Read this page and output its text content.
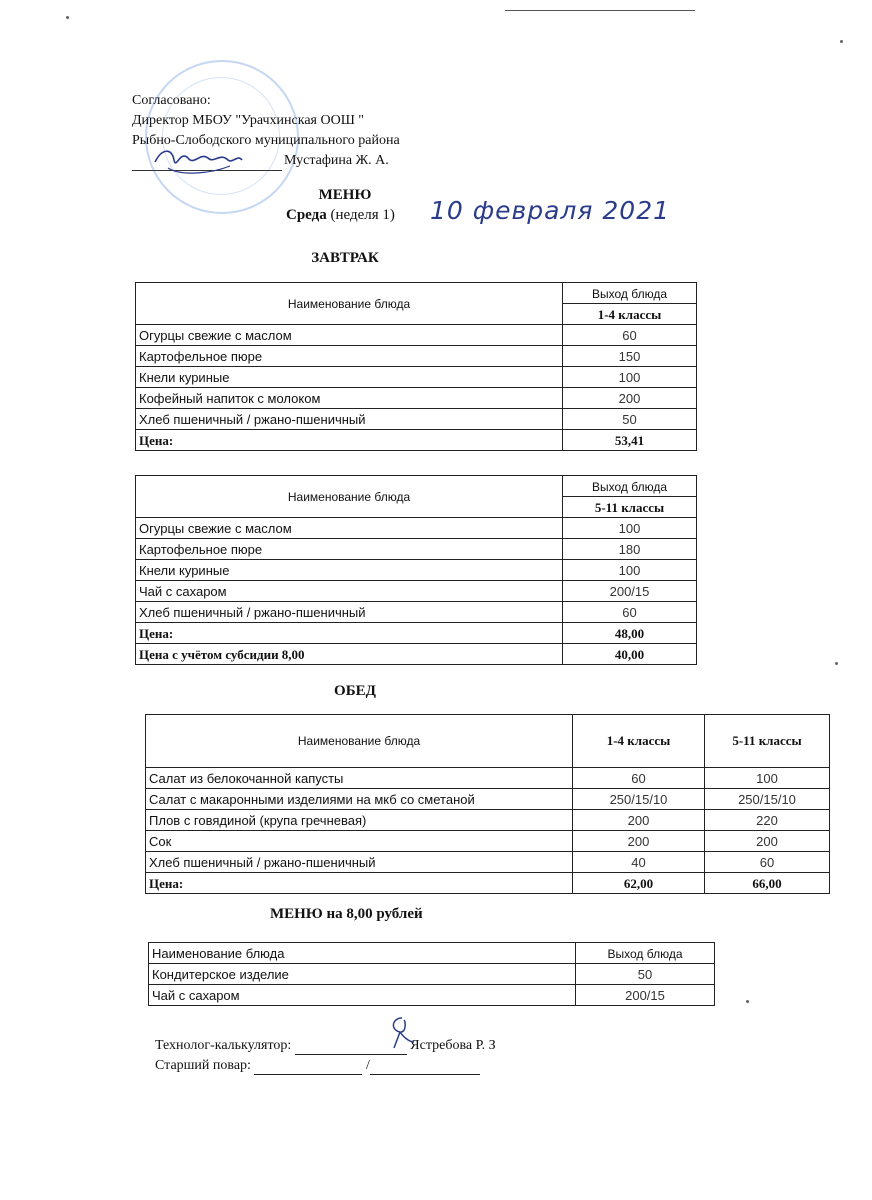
Согласовано:
Директор МБОУ "Урачхинская ООШ "
Рыбно-Слободского муниципального района
Мустафина Ж. А.
МЕНЮ
Среда (неделя 1) 10 февраля 2021
ЗАВТРАК
Наименование блюда	Выход блюда
	1-4 классы
Огурцы свежие с маслом	60
Картофельное пюре	150
Кнели куриные	100
Кофейный напиток с молоком	200
Хлеб пшеничный / ржано-пшеничный	50
Цена:	53,41
Наименование блюда	Выход блюда
	5-11 классы
Огурцы свежие с маслом	100
Картофельное пюре	180
Кнели куриные	100
Чай с сахаром	200/15
Хлеб пшеничный / ржано-пшеничный	60
Цена:	48,00
Цена с учётом субсидии 8,00	40,00
ОБЕД
Наименование блюда	1-4 классы	5-11 классы
Салат из белокочанной капусты	60	100
Салат с макаронными изделиями на мкб со сметаной	250/15/10	250/15/10
Плов с говядиной (крупа гречневая)	200	220
Сок	200	200
Хлеб пшеничный / ржано-пшеничный	40	60
Цена:	62,00	66,00
МЕНЮ на 8,00 рублей
Наименование блюда	Выход блюда
Кондитерское изделие	50
Чай с сахаром	200/15
Технолог-калькулятор:	Ястребова Р. З
Старший повар:	/
